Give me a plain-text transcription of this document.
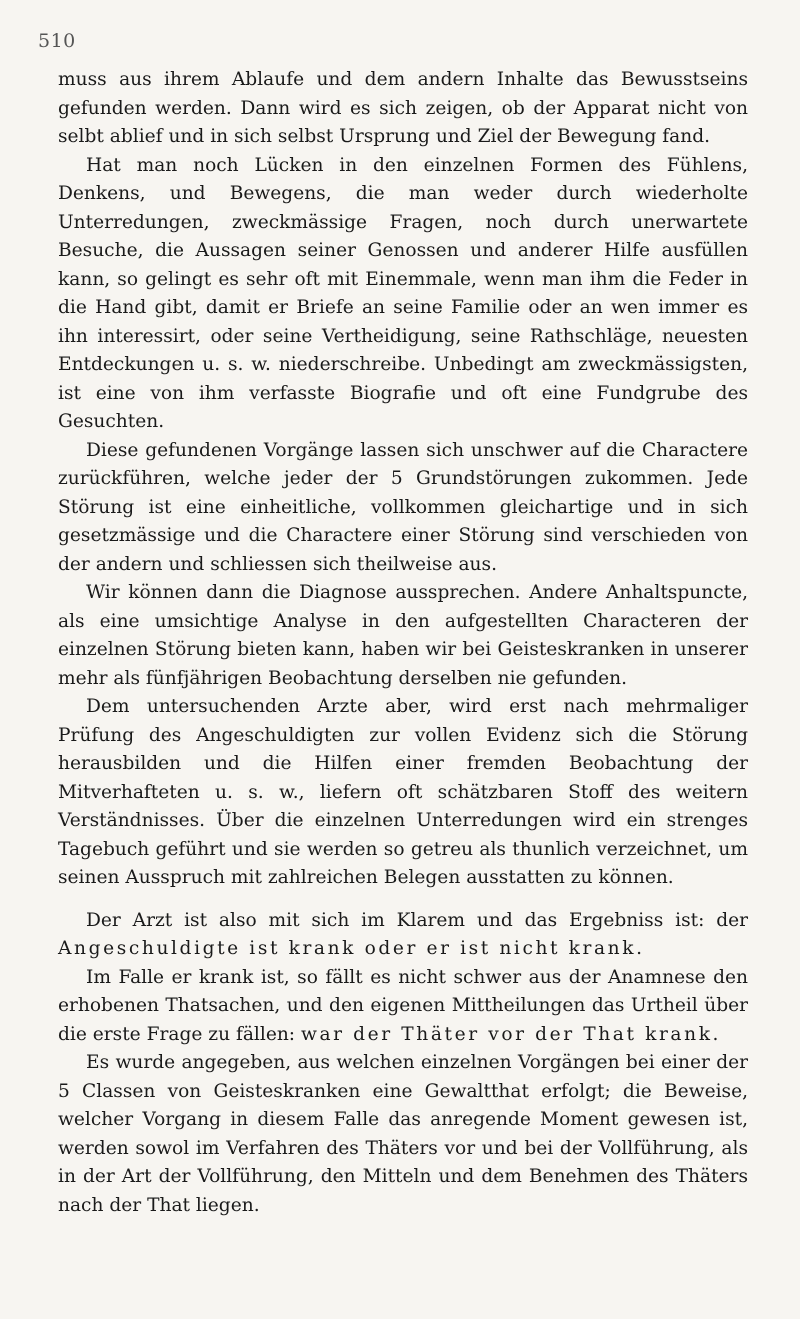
510

muss aus ihrem Ablaufe und dem andern Inhalte das Bewusstseins gefunden werden. Dann wird es sich zeigen, ob der Apparat nicht von selbt ablief und in sich selbst Ursprung und Ziel der Bewegung fand.

Hat man noch Lücken in den einzelnen Formen des Fühlens, Denkens, und Bewegens, die man weder durch wiederholte Unterredungen, zweckmässige Fragen, noch durch unerwartete Besuche, die Aussagen seiner Genossen und anderer Hilfe ausfüllen kann, so gelingt es sehr oft mit Einemmale, wenn man ihm die Feder in die Hand gibt, damit er Briefe an seine Familie oder an wen immer es ihn interessirt, oder seine Vertheidigung, seine Rathschläge, neuesten Entdeckungen u. s. w. niederschreibe. Unbedingt am zweckmässigsten, ist eine von ihm verfasste Biografie und oft eine Fundgrube des Gesuchten.

Diese gefundenen Vorgänge lassen sich unschwer auf die Charactere zurückführen, welche jeder der 5 Grundstörungen zukommen. Jede Störung ist eine einheitliche, vollkommen gleichartige und in sich gesetzmässige und die Charactere einer Störung sind verschieden von der andern und schliessen sich theilweise aus.

Wir können dann die Diagnose aussprechen. Andere Anhaltspuncte, als eine umsichtige Analyse in den aufgestellten Characteren der einzelnen Störung bieten kann, haben wir bei Geisteskranken in unserer mehr als fünfjährigen Beobachtung derselben nie gefunden.

Dem untersuchenden Arzte aber, wird erst nach mehrmaliger Prüfung des Angeschuldigten zur vollen Evidenz sich die Störung herausbilden und die Hilfen einer fremden Beobachtung der Mitverhafteten u. s. w., liefern oft schätzbaren Stoff des weitern Verständnisses. Über die einzelnen Unterredungen wird ein strenges Tagebuch geführt und sie werden so getreu als thunlich verzeichnet, um seinen Ausspruch mit zahlreichen Belegen ausstatten zu können.

Der Arzt ist also mit sich im Klarem und das Ergebniss ist: der Angeschuldigte ist krank oder er ist nicht krank.

Im Falle er krank ist, so fällt es nicht schwer aus der Anamnese den erhobenen Thatsachen, und den eigenen Mittheilungen das Urtheil über die erste Frage zu fällen: war der Thäter vor der That krank.

Es wurde angegeben, aus welchen einzelnen Vorgängen bei einer der 5 Classen von Geisteskranken eine Gewaltthat erfolgt; die Beweise, welcher Vorgang in diesem Falle das anregende Moment gewesen ist, werden sowol im Verfahren des Thäters vor und bei der Vollführung, als in der Art der Vollführung, den Mitteln und dem Benehmen des Thäters nach der That liegen.
